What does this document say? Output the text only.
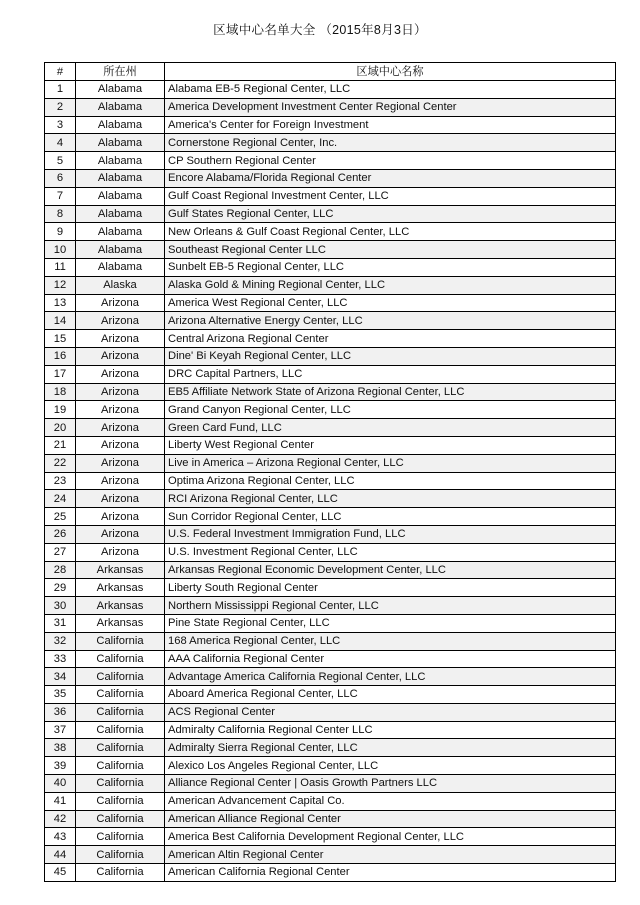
区域中心名单大全 （2015年8月3日）
#	所在州	区域中心名称
1	Alabama	Alabama EB-5 Regional Center, LLC
2	Alabama	America Development Investment Center Regional Center
3	Alabama	America's Center for Foreign Investment
4	Alabama	Cornerstone Regional Center, Inc.
5	Alabama	CP Southern Regional Center
6	Alabama	Encore Alabama/Florida Regional Center
7	Alabama	Gulf Coast Regional Investment Center, LLC
8	Alabama	Gulf States Regional Center, LLC
9	Alabama	New Orleans & Gulf Coast Regional Center, LLC
10	Alabama	Southeast Regional Center LLC
11	Alabama	Sunbelt EB-5 Regional Center, LLC
12	Alaska	Alaska Gold & Mining Regional Center, LLC
13	Arizona	America West Regional Center, LLC
14	Arizona	Arizona Alternative Energy Center, LLC
15	Arizona	Central Arizona Regional Center
16	Arizona	Dine' Bi Keyah Regional Center, LLC
17	Arizona	DRC Capital Partners, LLC
18	Arizona	EB5 Affiliate Network State of Arizona Regional Center, LLC
19	Arizona	Grand Canyon Regional Center, LLC
20	Arizona	Green Card Fund, LLC
21	Arizona	Liberty West Regional Center
22	Arizona	Live in America – Arizona Regional Center, LLC
23	Arizona	Optima Arizona Regional Center, LLC
24	Arizona	RCI Arizona Regional Center, LLC
25	Arizona	Sun Corridor Regional Center, LLC
26	Arizona	U.S. Federal Investment Immigration Fund, LLC
27	Arizona	U.S. Investment Regional Center, LLC
28	Arkansas	Arkansas Regional Economic Development Center, LLC
29	Arkansas	Liberty South Regional Center
30	Arkansas	Northern Mississippi Regional Center, LLC
31	Arkansas	Pine State Regional Center, LLC
32	California	168 America Regional Center, LLC
33	California	AAA California Regional Center
34	California	Advantage America California Regional Center, LLC
35	California	Aboard America Regional Center, LLC
36	California	ACS Regional Center
37	California	Admiralty California Regional Center LLC
38	California	Admiralty Sierra Regional Center, LLC
39	California	Alexico Los Angeles Regional Center, LLC
40	California	Alliance Regional Center | Oasis Growth Partners LLC
41	California	American Advancement Capital Co.
42	California	American Alliance Regional Center
43	California	America Best California Development Regional Center, LLC
44	California	American Altin Regional Center
45	California	American California Regional Center
